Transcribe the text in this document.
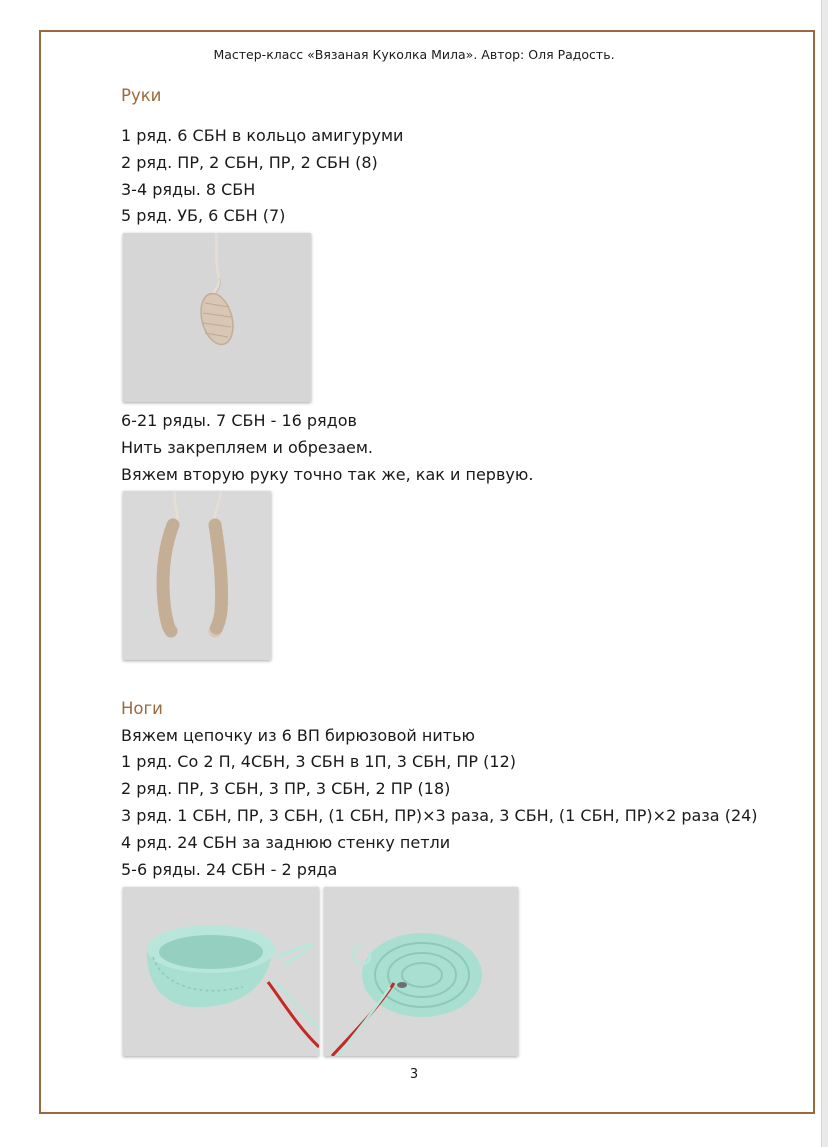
Мастер-класс «Вязаная Куколка Мила». Автор: Оля Радость.
Руки
1 ряд. 6 СБН в кольцо амигуруми
2 ряд. ПР, 2 СБН, ПР, 2 СБН (8)
3-4 ряды. 8 СБН
5 ряд. УБ, 6 СБН (7)
6-21 ряды. 7 СБН - 16 рядов
Нить закрепляем и обрезаем.
Вяжем вторую руку точно так же, как и первую.
Ноги
Вяжем цепочку из 6 ВП бирюзовой нитью
1 ряд. Со 2 П, 4СБН, 3 СБН в 1П, 3 СБН, ПР (12)
2 ряд. ПР, 3 СБН, 3 ПР, 3 СБН, 2 ПР (18)
3 ряд. 1 СБН, ПР, 3 СБН, (1 СБН, ПР)×3 раза, 3 СБН, (1 СБН, ПР)×2 раза (24)
4 ряд. 24 СБН за заднюю стенку петли
5-6 ряды. 24 СБН - 2 ряда
3
